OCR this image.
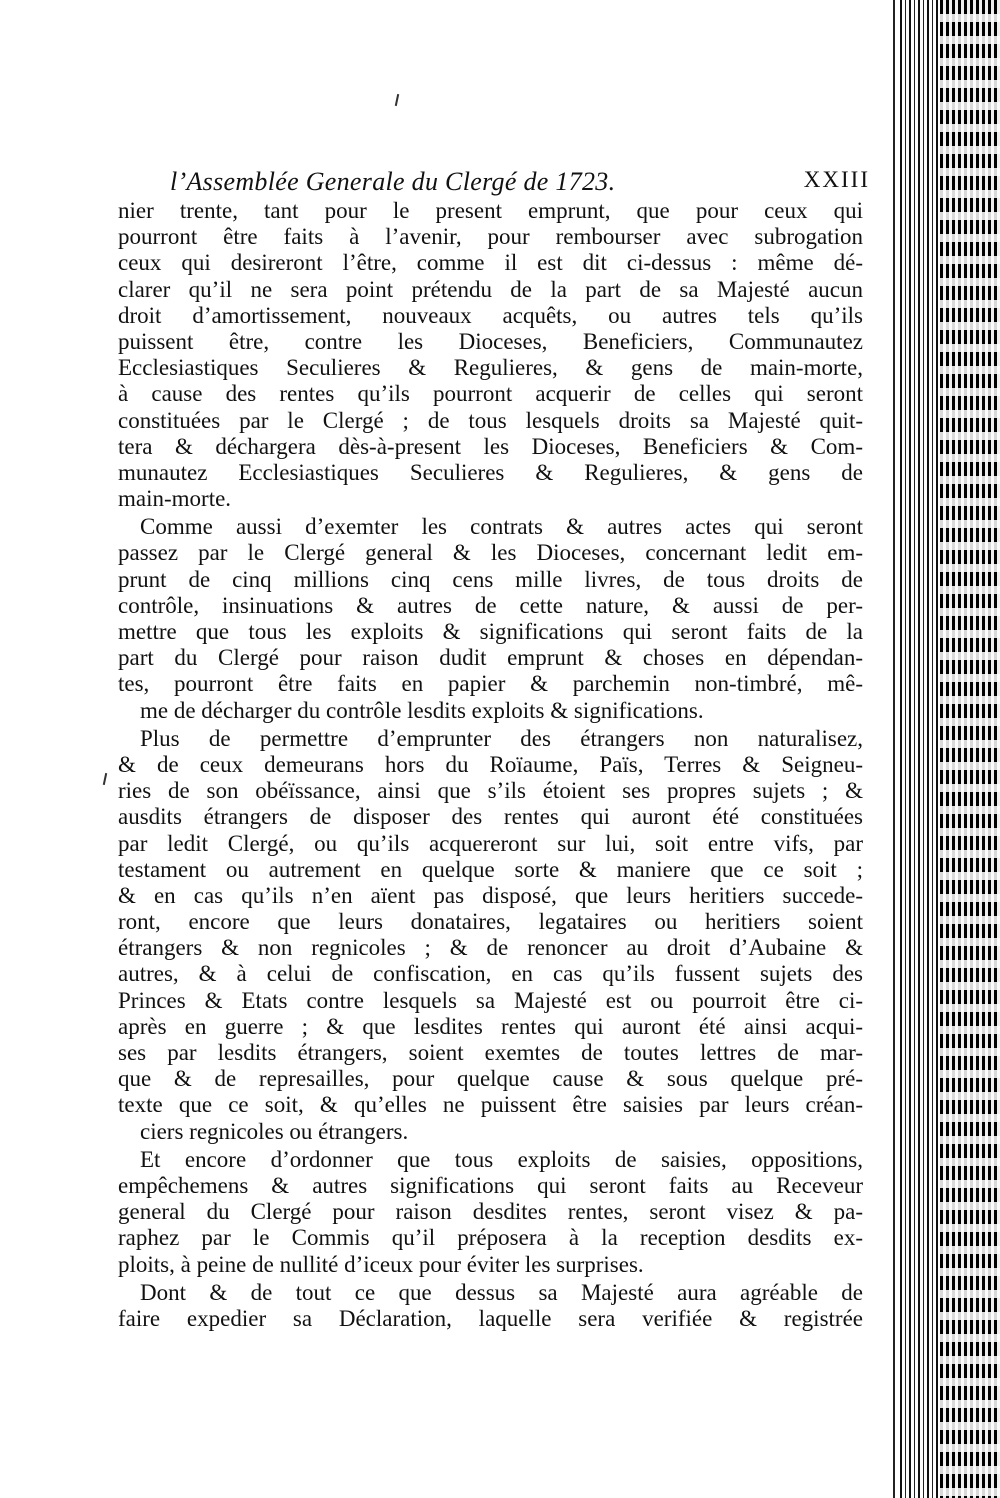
l’Assemblée Generale du Clergé de 1723.	XXIII
nier trente, tant pour le present emprunt, que pour ceux qui
pourront être faits à l’avenir, pour rembourser avec subrogation
ceux qui desireront l’être, comme il est dit ci-dessus : même dé-
clarer qu’il ne sera point prétendu de la part de sa Majesté aucun
droit d’amortissement, nouveaux acquêts, ou autres tels qu’ils
puissent être, contre les Dioceses, Beneficiers, Communautez
Ecclesiastiques Seculieres & Regulieres, & gens de main-morte,
à cause des rentes qu’ils pourront acquerir de celles qui seront
constituées par le Clergé ; de tous lesquels droits sa Majesté quit-
tera & déchargera dès-à-present les Dioceses, Beneficiers & Com-
munautez Ecclesiastiques Seculieres & Regulieres, & gens de
main-morte.
Comme aussi d’exemter les contrats & autres actes qui seront
passez par le Clergé general & les Dioceses, concernant ledit em-
prunt de cinq millions cinq cens mille livres, de tous droits de
contrôle, insinuations & autres de cette nature, & aussi de per-
mettre que tous les exploits & significations qui seront faits de la
part du Clergé pour raison dudit emprunt & choses en dépendan-
tes, pourront être faits en papier & parchemin non-timbré, mê-
me de décharger du contrôle lesdits exploits & significations.
Plus de permettre d’emprunter des étrangers non naturalisez,
& de ceux demeurans hors du Roïaume, Païs, Terres & Seigneu-
ries de son obéïssance, ainsi que s’ils étoient ses propres sujets ; &
ausdits étrangers de disposer des rentes qui auront été constituées
par ledit Clergé, ou qu’ils acquereront sur lui, soit entre vifs, par
testament ou autrement en quelque sorte & maniere que ce soit ;
& en cas qu’ils n’en aïent pas disposé, que leurs heritiers succede-
ront, encore que leurs donataires, legataires ou heritiers soient
étrangers & non regnicoles ; & de renoncer au droit d’Aubaine &
autres, & à celui de confiscation, en cas qu’ils fussent sujets des
Princes & Etats contre lesquels sa Majesté est ou pourroit être ci-
après en guerre ; & que lesdites rentes qui auront été ainsi acqui-
ses par lesdits étrangers, soient exemtes de toutes lettres de mar-
que & de represailles, pour quelque cause & sous quelque pré-
texte que ce soit, & qu’elles ne puissent être saisies par leurs créan-
ciers regnicoles ou étrangers.
Et encore d’ordonner que tous exploits de saisies, oppositions,
empêchemens & autres significations qui seront faits au Receveur
general du Clergé pour raison desdites rentes, seront visez & pa-
raphez par le Commis qu’il préposera à la reception desdits ex-
ploits, à peine de nullité d’iceux pour éviter les surprises.
Dont & de tout ce que dessus sa Majesté aura agréable de
faire expedier sa Déclaration, laquelle sera verifiée & registrée
